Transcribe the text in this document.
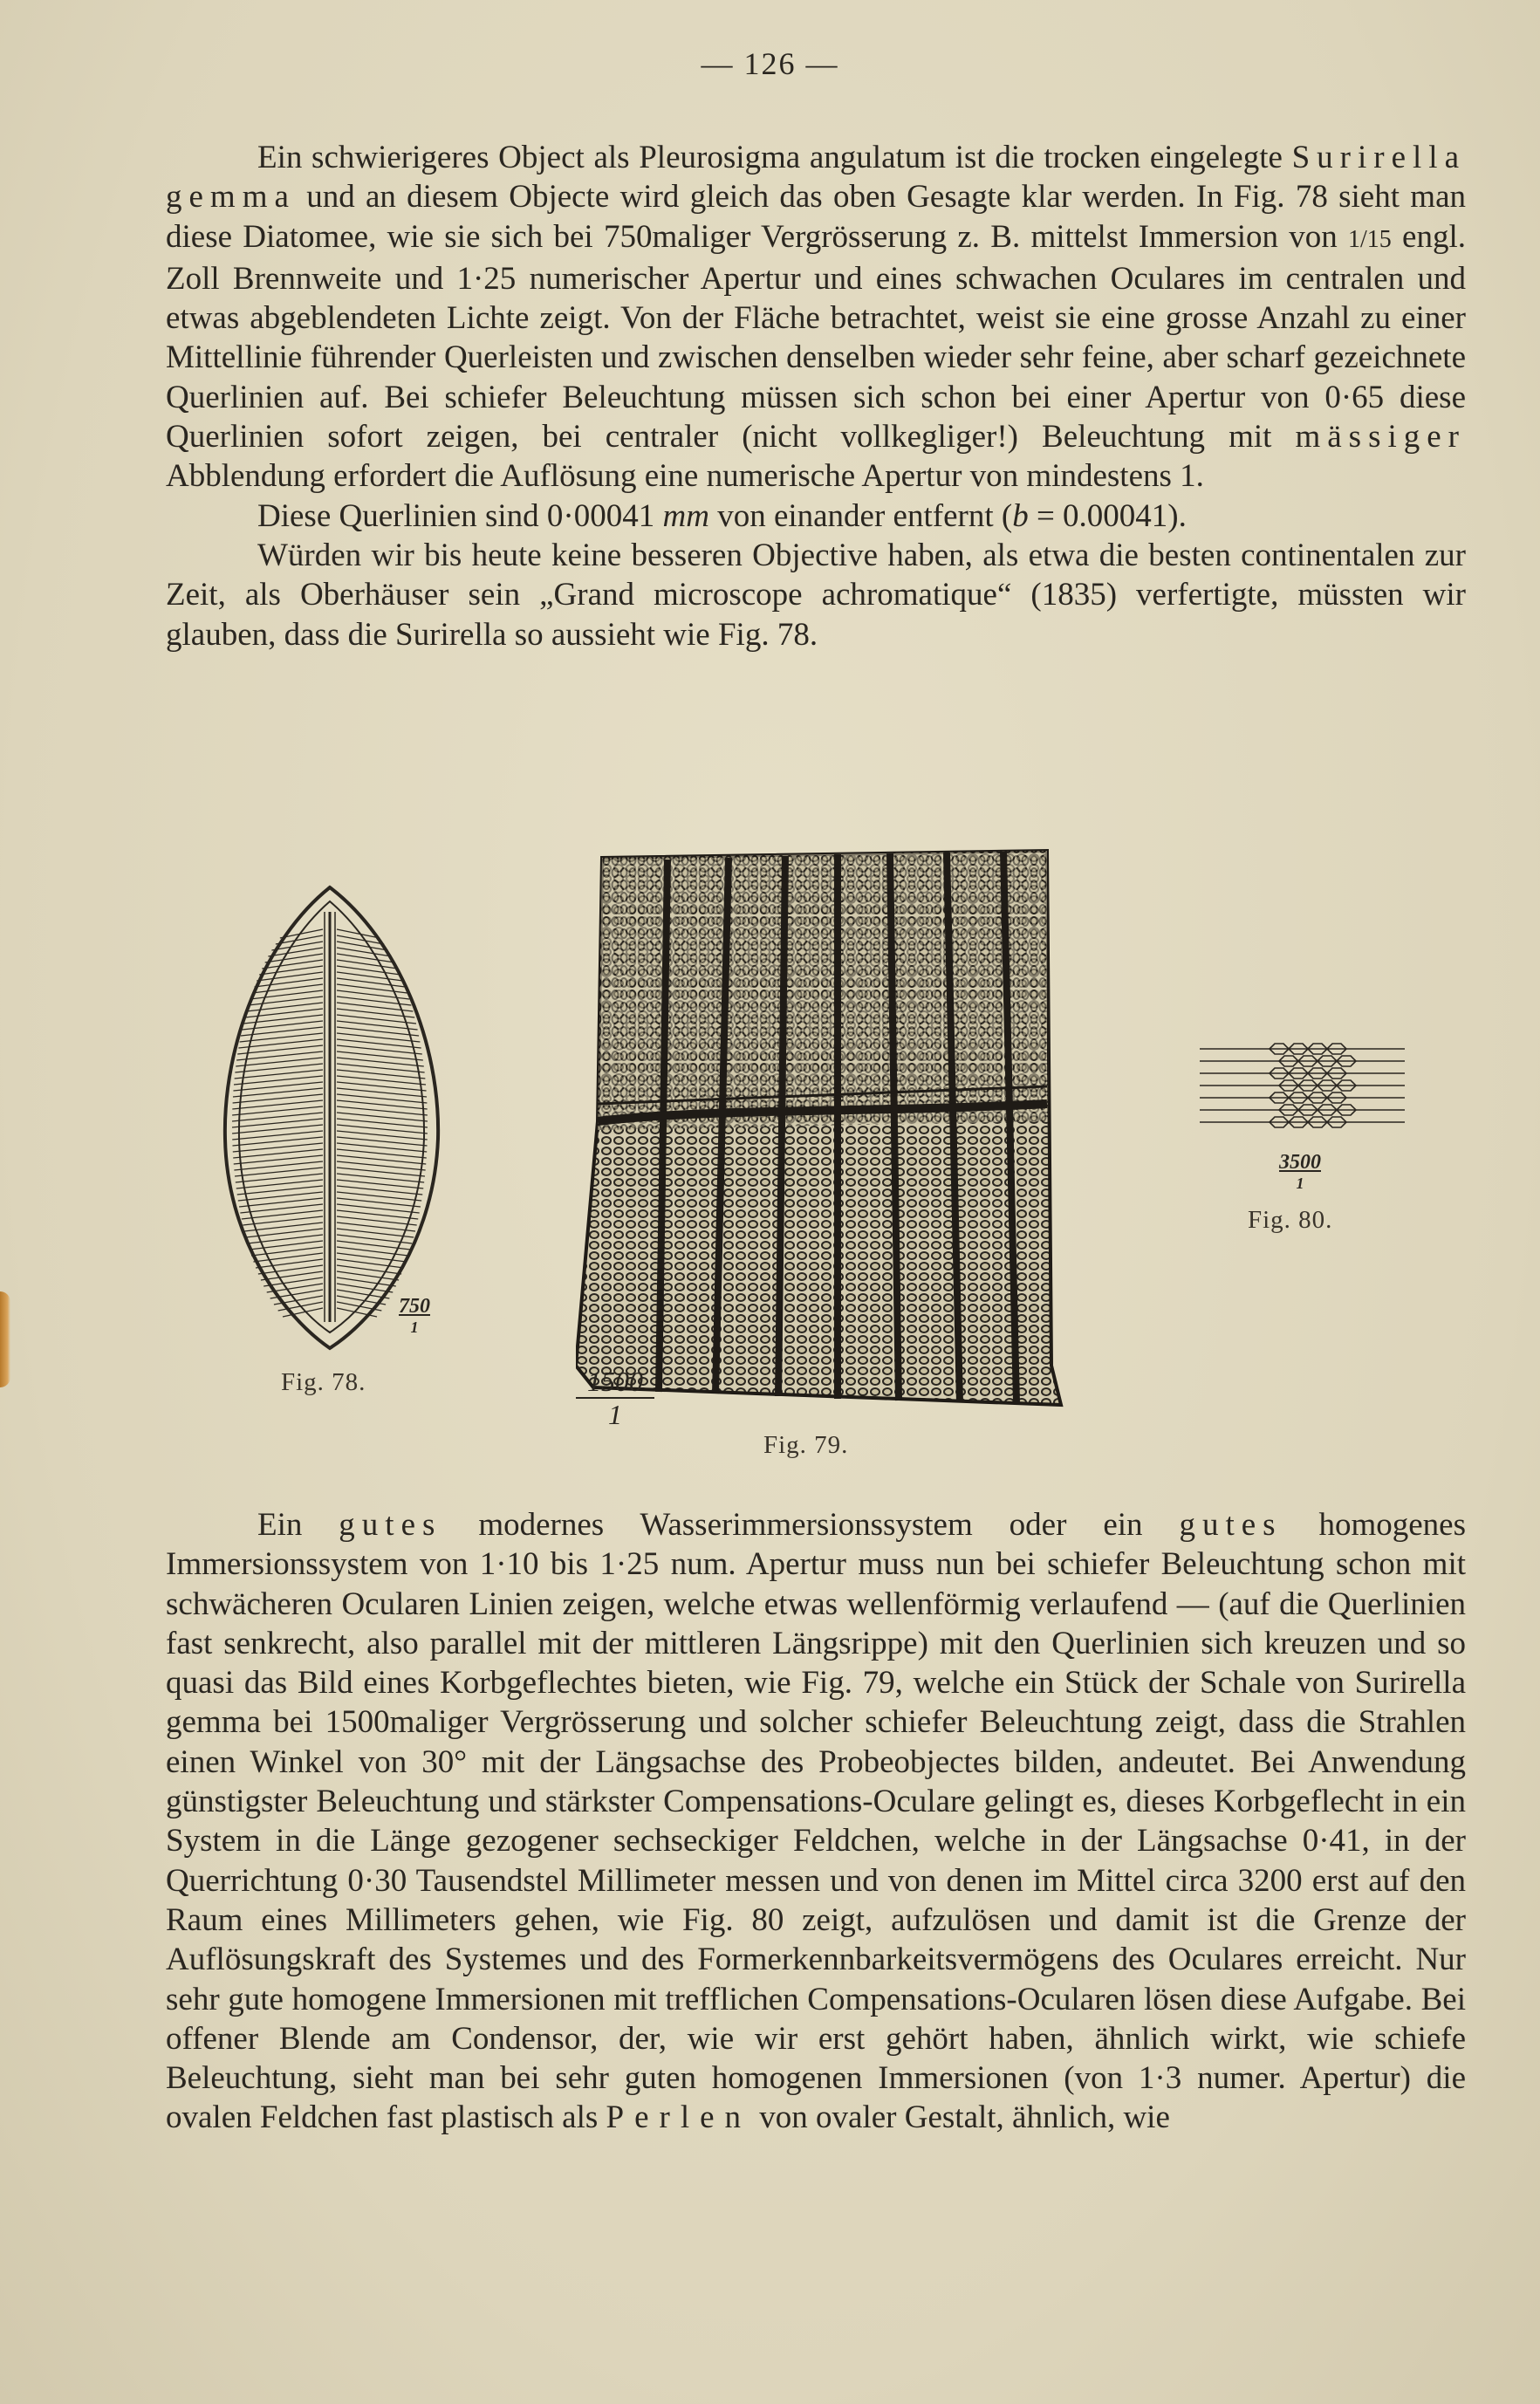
— 126 —

Ein schwierigeres Object als Pleurosigma angulatum ist die trocken eingelegte Surirella gemma und an diesem Objecte wird gleich das oben Gesagte klar werden. In Fig. 78 sieht man diese Diatomee, wie sie sich bei 750maliger Vergrösserung z. B. mittelst Immersion von 1/15 engl. Zoll Brennweite und 1·25 numerischer Apertur und eines schwachen Oculares im centralen und etwas abgeblendeten Lichte zeigt. Von der Fläche betrachtet, weist sie eine grosse Anzahl zu einer Mittellinie führender Querleisten und zwischen denselben wieder sehr feine, aber scharf gezeichnete Querlinien auf. Bei schiefer Beleuchtung müssen sich schon bei einer Apertur von 0·65 diese Querlinien sofort zeigen, bei centraler (nicht vollkegliger!) Beleuchtung mit mässiger Abblendung erfordert die Auflösung eine numerische Apertur von mindestens 1.

Diese Querlinien sind 0·00041 mm von einander entfernt (b = 0.00041).

Würden wir bis heute keine besseren Objective haben, als etwa die besten continentalen zur Zeit, als Oberhäuser sein „Grand microscope achromatique“ (1835) verfertigte, müssten wir glauben, dass die Surirella so aussieht wie Fig. 78.

750
1
Fig. 78.	$\frac{1500}{1}$
Fig. 79.
3500
1
Fig. 80.

Ein gutes modernes Wasserimmersionssystem oder ein gutes homogenes Immersionssystem von 1·10 bis 1·25 num. Apertur muss nun bei schiefer Beleuchtung schon mit schwächeren Ocularen Linien zeigen, welche etwas wellenförmig verlaufend — (auf die Querlinien fast senkrecht, also parallel mit der mittleren Längsrippe) mit den Querlinien sich kreuzen und so quasi das Bild eines Korbgeflechtes bieten, wie Fig. 79, welche ein Stück der Schale von Surirella gemma bei 1500maliger Vergrösserung und solcher schiefer Beleuchtung zeigt, dass die Strahlen einen Winkel von 30° mit der Längsachse des Probeobjectes bilden, andeutet. Bei Anwendung günstigster Beleuchtung und stärkster Compensations-Oculare gelingt es, dieses Korbgeflecht in ein System in die Länge gezogener sechseckiger Feldchen, welche in der Längsachse 0·41, in der Querrichtung 0·30 Tausendstel Millimeter messen und von denen im Mittel circa 3200 erst auf den Raum eines Millimeters gehen, wie Fig. 80 zeigt, aufzulösen und damit ist die Grenze der Auflösungskraft des Systemes und des Formerkennbarkeitsvermögens des Oculares erreicht. Nur sehr gute homogene Immersionen mit trefflichen Compensations-Ocularen lösen diese Aufgabe. Bei offener Blende am Condensor, der, wie wir erst gehört haben, ähnlich wirkt, wie schiefe Beleuchtung, sieht man bei sehr guten homogenen Immersionen (von 1·3 numer. Apertur) die ovalen Feldchen fast plastisch als Perlen von ovaler Gestalt, ähnlich, wie
